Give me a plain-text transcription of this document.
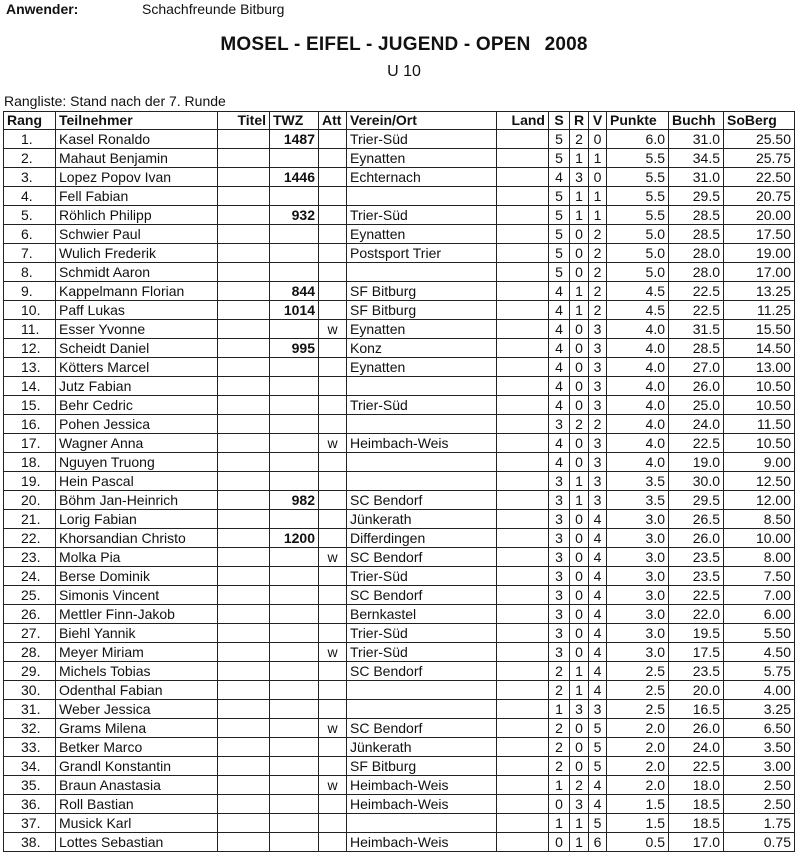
Anwender:	Schachfreunde Bitburg
MOSEL - EIFEL - JUGEND - OPEN 2008
U 10
Rangliste: Stand nach der 7. Runde
Rang	Teilnehmer	Titel	TWZ	Att	Verein/Ort	Land	S	R	V	Punkte	Buchh	SoBerg
1.	Kasel Ronaldo		1487		Trier-Süd		5	2	0	6.0	31.0	25.50
2.	Mahaut Benjamin				Eynatten		5	1	1	5.5	34.5	25.75
3.	Lopez Popov Ivan		1446		Echternach		4	3	0	5.5	31.0	22.50
4.	Fell Fabian						5	1	1	5.5	29.5	20.75
5.	Röhlich Philipp		932		Trier-Süd		5	1	1	5.5	28.5	20.00
6.	Schwier Paul				Eynatten		5	0	2	5.0	28.5	17.50
7.	Wulich Frederik				Postsport Trier		5	0	2	5.0	28.0	19.00
8.	Schmidt Aaron						5	0	2	5.0	28.0	17.00
9.	Kappelmann Florian		844		SF Bitburg		4	1	2	4.5	22.5	13.25
10.	Paff Lukas		1014		SF Bitburg		4	1	2	4.5	22.5	11.25
11.	Esser Yvonne			w	Eynatten		4	0	3	4.0	31.5	15.50
12.	Scheidt Daniel		995		Konz		4	0	3	4.0	28.5	14.50
13.	Kötters Marcel				Eynatten		4	0	3	4.0	27.0	13.00
14.	Jutz Fabian						4	0	3	4.0	26.0	10.50
15.	Behr Cedric				Trier-Süd		4	0	3	4.0	25.0	10.50
16.	Pohen Jessica						3	2	2	4.0	24.0	11.50
17.	Wagner Anna			w	Heimbach-Weis		4	0	3	4.0	22.5	10.50
18.	Nguyen Truong						4	0	3	4.0	19.0	9.00
19.	Hein Pascal						3	1	3	3.5	30.0	12.50
20.	Böhm Jan-Heinrich		982		SC Bendorf		3	1	3	3.5	29.5	12.00
21.	Lorig Fabian				Jünkerath		3	0	4	3.0	26.5	8.50
22.	Khorsandian Christo		1200		Differdingen		3	0	4	3.0	26.0	10.00
23.	Molka Pia			w	SC Bendorf		3	0	4	3.0	23.5	8.00
24.	Berse Dominik				Trier-Süd		3	0	4	3.0	23.5	7.50
25.	Simonis Vincent				SC Bendorf		3	0	4	3.0	22.5	7.00
26.	Mettler Finn-Jakob				Bernkastel		3	0	4	3.0	22.0	6.00
27.	Biehl Yannik				Trier-Süd		3	0	4	3.0	19.5	5.50
28.	Meyer Miriam			w	Trier-Süd		3	0	4	3.0	17.5	4.50
29.	Michels Tobias				SC Bendorf		2	1	4	2.5	23.5	5.75
30.	Odenthal Fabian						2	1	4	2.5	20.0	4.00
31.	Weber Jessica						1	3	3	2.5	16.5	3.25
32.	Grams Milena			w	SC Bendorf		2	0	5	2.0	26.0	6.50
33.	Betker Marco				Jünkerath		2	0	5	2.0	24.0	3.50
34.	Grandl Konstantin				SF Bitburg		2	0	5	2.0	22.5	3.00
35.	Braun Anastasia			w	Heimbach-Weis		1	2	4	2.0	18.0	2.50
36.	Roll Bastian				Heimbach-Weis		0	3	4	1.5	18.5	2.50
37.	Musick Karl						1	1	5	1.5	18.5	1.75
38.	Lottes Sebastian				Heimbach-Weis		0	1	6	0.5	17.0	0.75
